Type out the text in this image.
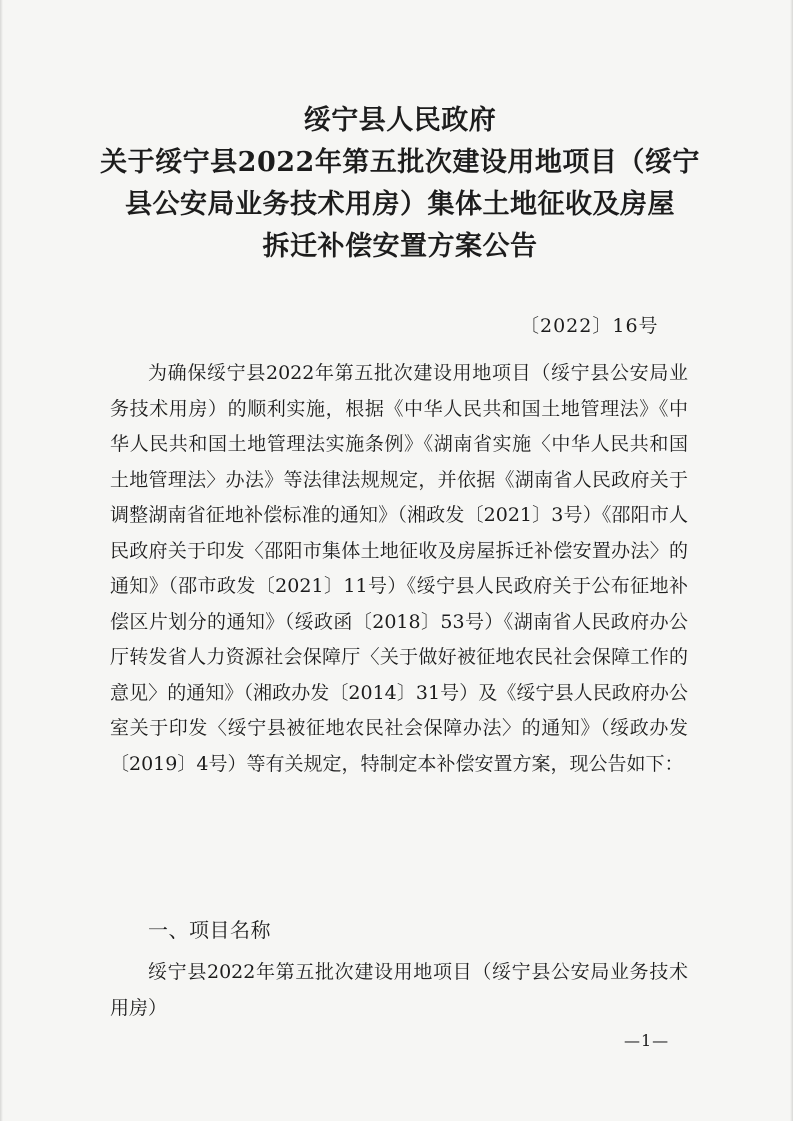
绥宁县人民政府
关于绥宁县2022年第五批次建设用地项目（绥宁
县公安局业务技术用房）集体土地征收及房屋
拆迁补偿安置方案公告
〔2022〕16号

为确保绥宁县2022年第五批次建设用地项目（绥宁县公安局业务技术用房）的顺利实施，根据《中华人民共和国土地管理法》《中华人民共和国土地管理法实施条例》《湖南省实施〈中华人民共和国土地管理法〉办法》等法律法规规定，并依据《湖南省人民政府关于调整湖南省征地补偿标准的通知》（湘政发〔2021〕3号）《邵阳市人民政府关于印发〈邵阳市集体土地征收及房屋拆迁补偿安置办法〉的通知》（邵市政发〔2021〕11号）《绥宁县人民政府关于公布征地补偿区片划分的通知》（绥政函〔2018〕53号）《湖南省人民政府办公厅转发省人力资源社会保障厅〈关于做好被征地农民社会保障工作的意见〉的通知》（湘政办发〔2014〕31号）及《绥宁县人民政府办公室关于印发〈绥宁县被征地农民社会保障办法〉的通知》（绥政办发〔2019〕4号）等有关规定，特制定本补偿安置方案，现公告如下：

一、项目名称

绥宁县2022年第五批次建设用地项目（绥宁县公安局业务技术用房）

—1—
